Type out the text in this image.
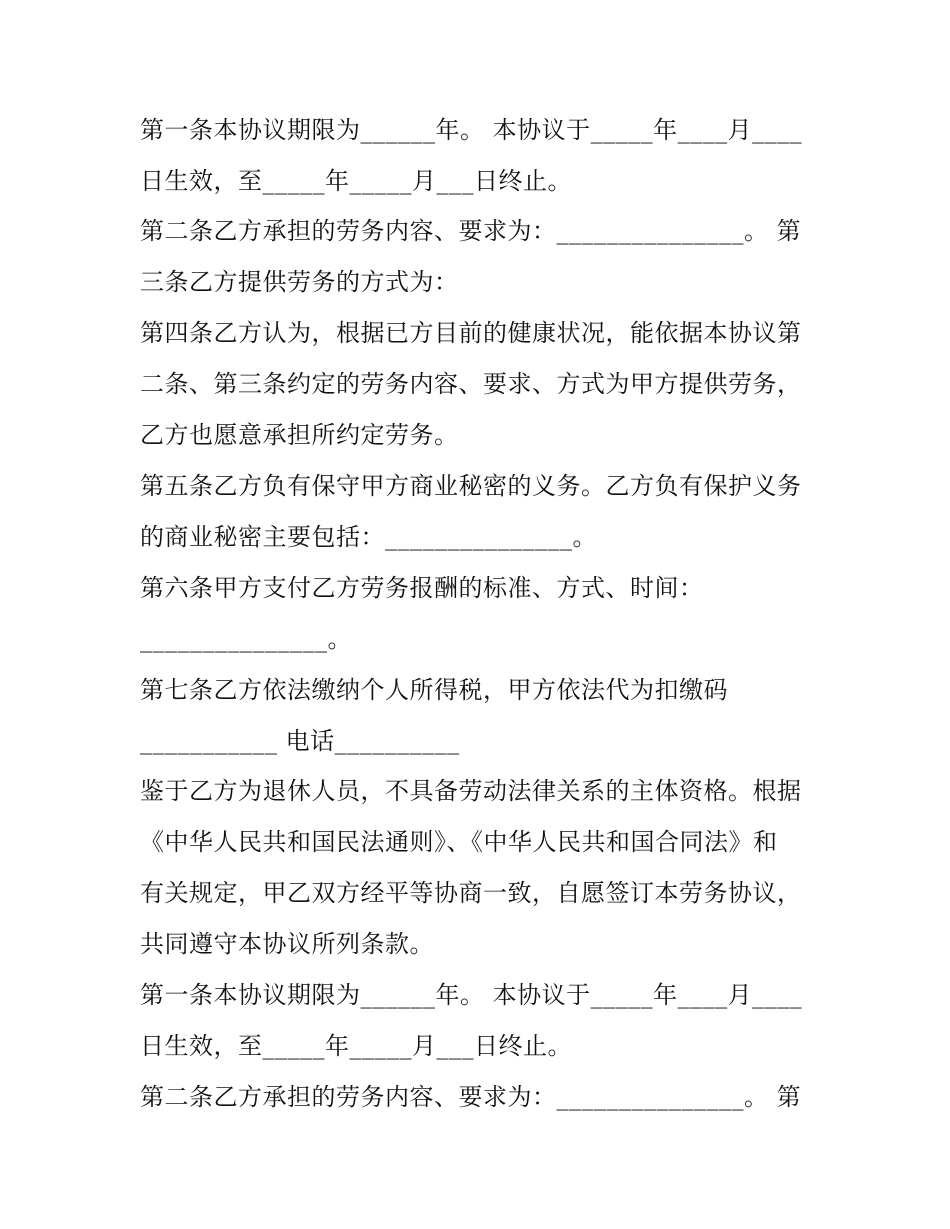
第一条本协议期限为______年。 本协议于_____年____月____
日生效，至_____年_____月___日终止。
第二条乙方承担的劳务内容、要求为：_______________。 第
三条乙方提供劳务的方式为：
第四条乙方认为，根据已方目前的健康状况，能依据本协议第
二条、第三条约定的劳务内容、要求、方式为甲方提供劳务，
乙方也愿意承担所约定劳务。
第五条乙方负有保守甲方商业秘密的义务。乙方负有保护义务
的商业秘密主要包括：_______________。
第六条甲方支付乙方劳务报酬的标准、方式、时间：
_______________。
第七条乙方依法缴纳个人所得税，甲方依法代为扣缴码
___________ 电话__________
鉴于乙方为退休人员，不具备劳动法律关系的主体资格。根据
《中华人民共和国民法通则》、《中华人民共和国合同法》和
有关规定，甲乙双方经平等协商一致，自愿签订本劳务协议，
共同遵守本协议所列条款。
第一条本协议期限为______年。 本协议于_____年____月____
日生效，至_____年_____月___日终止。
第二条乙方承担的劳务内容、要求为：_______________。 第
